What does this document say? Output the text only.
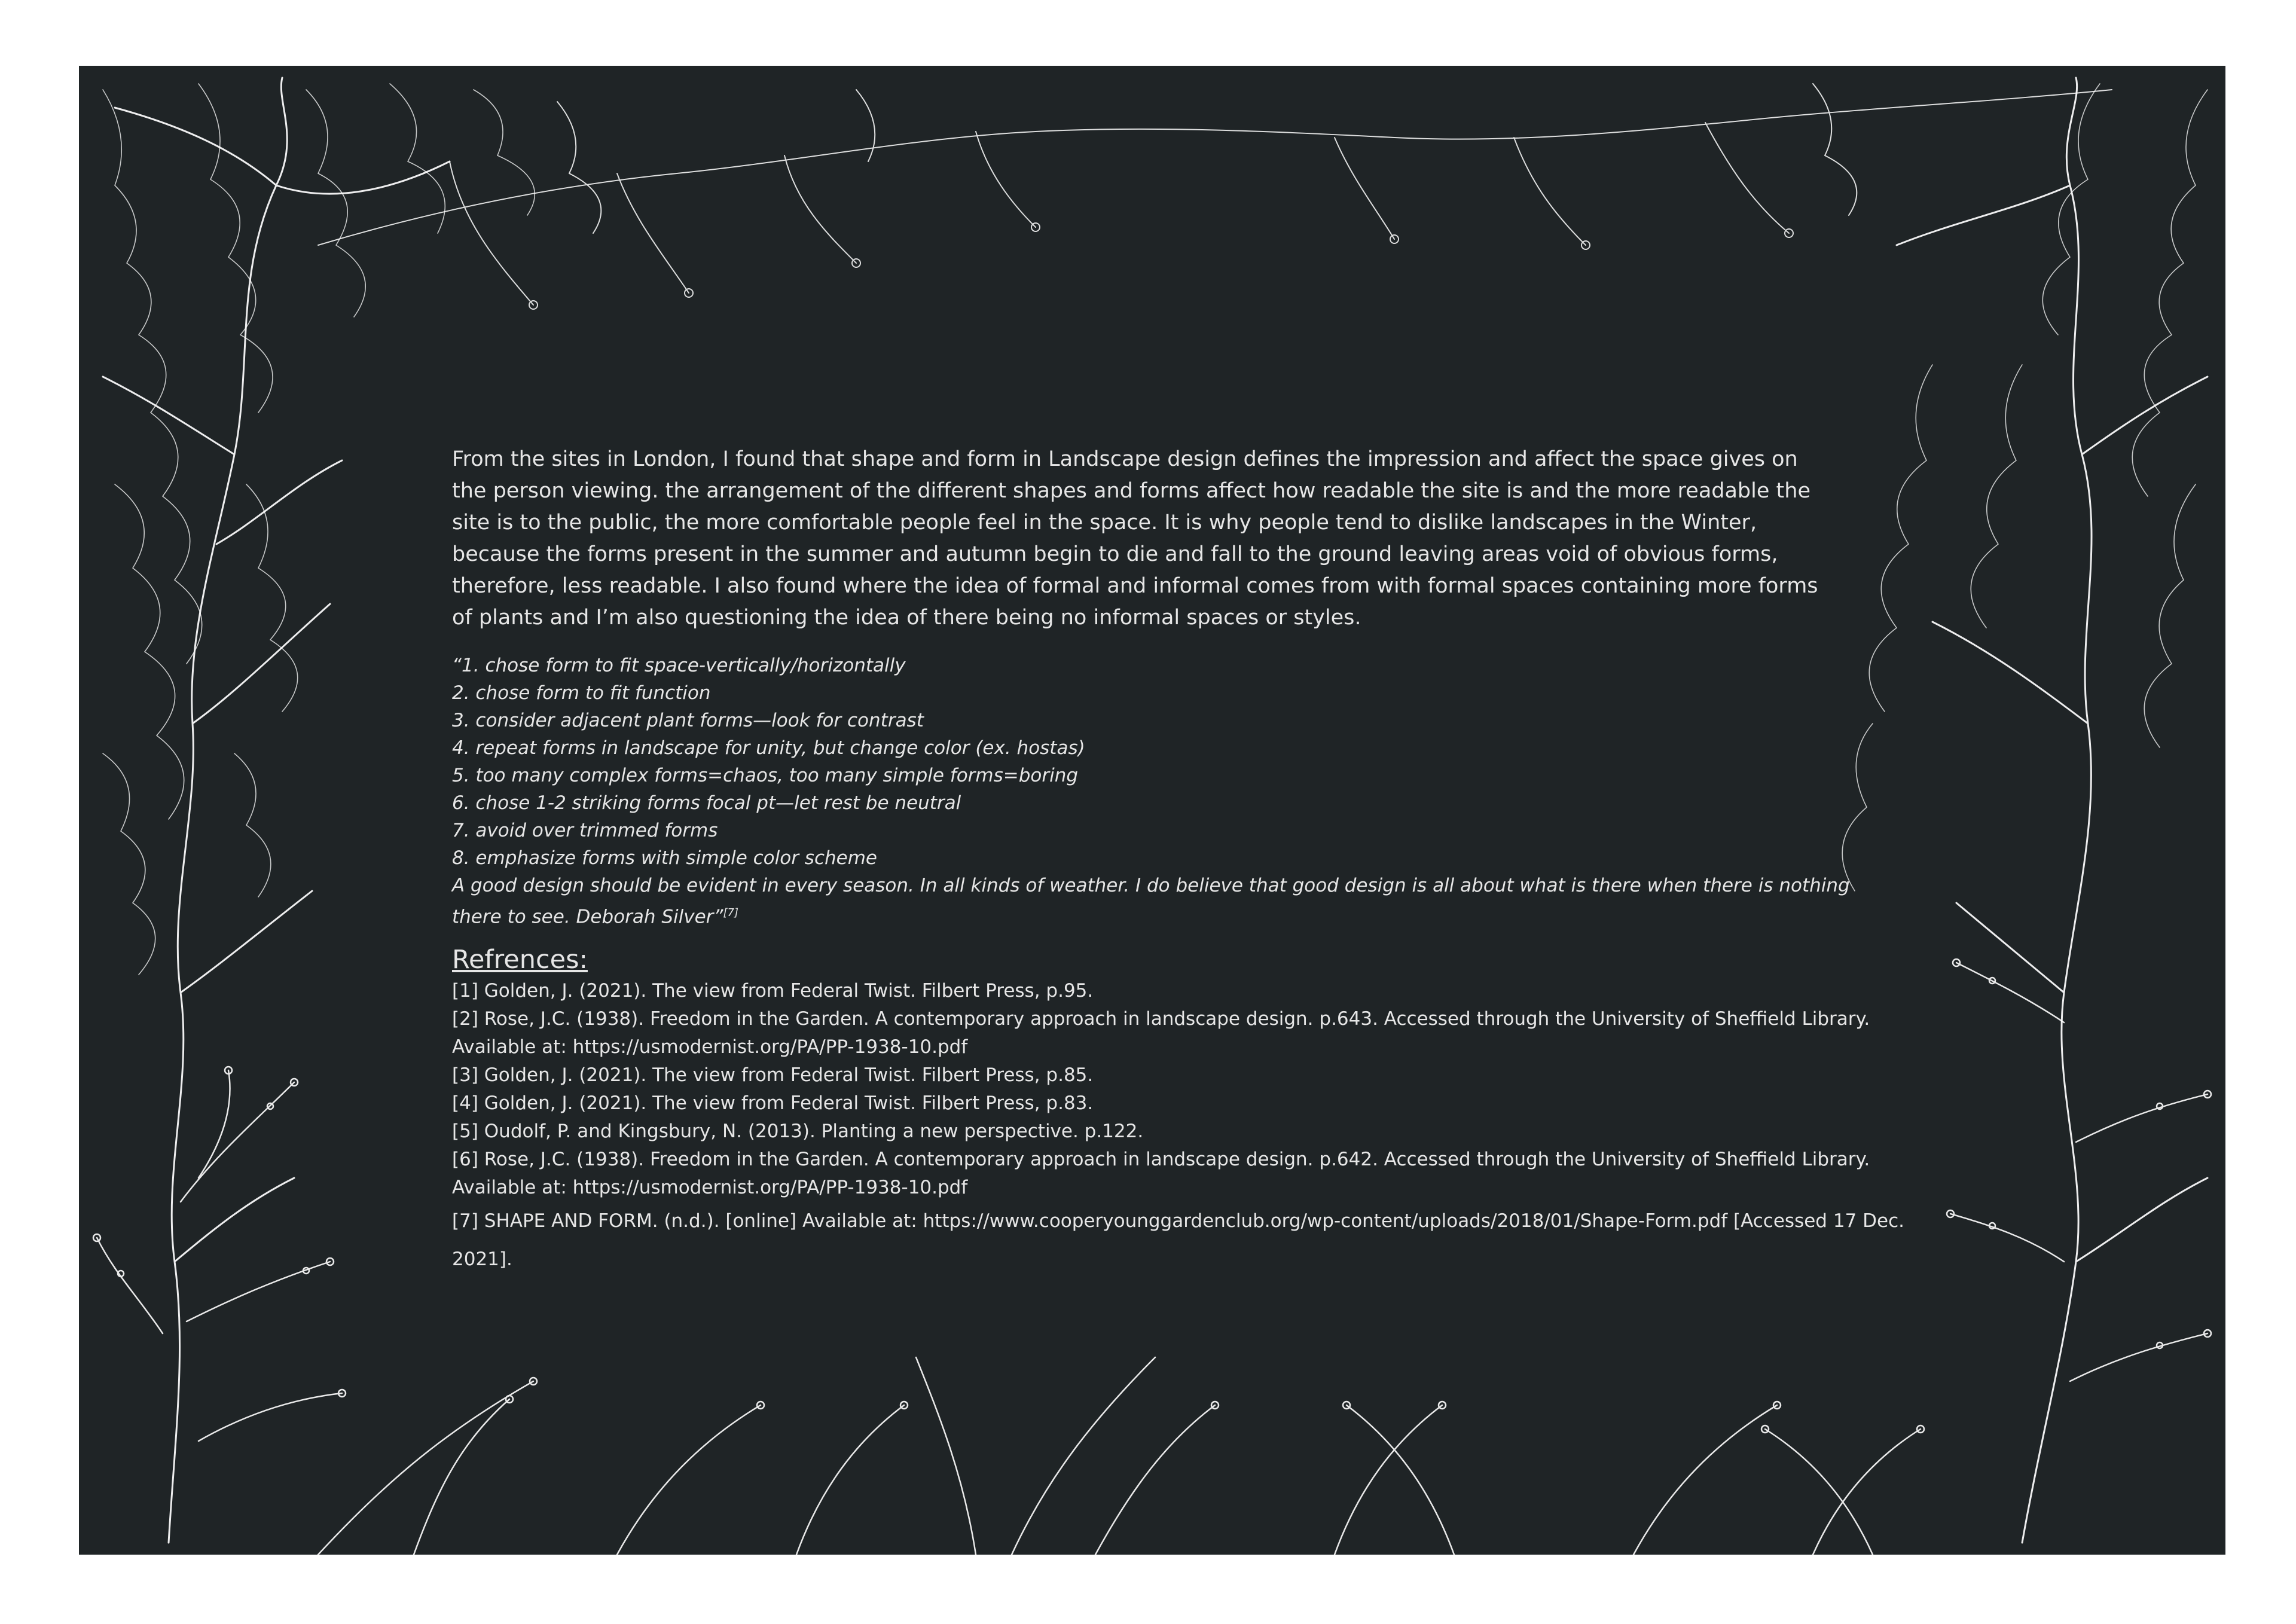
From the sites in London, I found that shape and form in Landscape design defines the impression and affect the space gives on the person viewing. the arrangement of the different shapes and forms affect how readable the site is and the more readable the site is to the public, the more comfortable people feel in the space. It is why people tend to dislike landscapes in the Winter, because the forms present in the summer and autumn begin to die and fall to the ground leaving areas void of obvious forms, therefore, less readable. I also found where the idea of formal and informal comes from with formal spaces containing more forms of plants and I’m also questioning the idea of there being no informal spaces or styles.

“1. chose form to fit space-vertically/horizontally
2. chose form to fit function
3. consider adjacent plant forms—look for contrast
4. repeat forms in landscape for unity, but change color (ex. hostas)
5. too many complex forms=chaos, too many simple forms=boring
6. chose 1-2 striking forms focal pt—let rest be neutral
7. avoid over trimmed forms
8. emphasize forms with simple color scheme
A good design should be evident in every season. In all kinds of weather. I do believe that good design is all about what is there when there is nothing there to see. Deborah Silver”[7]
Refrences:
[1] Golden, J. (2021). The view from Federal Twist. Filbert Press, p.95.
[2] Rose, J.C. (1938). Freedom in the Garden. A contemporary approach in landscape design. p.643. Accessed through the University of Sheffield Library.
Available at: https://usmodernist.org/PA/PP-1938-10.pdf
[3] Golden, J. (2021). The view from Federal Twist. Filbert Press, p.85.
[4] Golden, J. (2021). The view from Federal Twist. Filbert Press, p.83.
[5] Oudolf, P. and Kingsbury, N. (2013). Planting a new perspective. p.122.
[6] Rose, J.C. (1938). Freedom in the Garden. A contemporary approach in landscape design. p.642. Accessed through the University of Sheffield Library.
Available at: https://usmodernist.org/PA/PP-1938-10.pdf
[7] SHAPE AND FORM. (n.d.). [online] Available at: https://www.cooperyounggardenclub.org/wp-content/uploads/2018/01/Shape-Form.pdf [Accessed 17 Dec. 2021].
